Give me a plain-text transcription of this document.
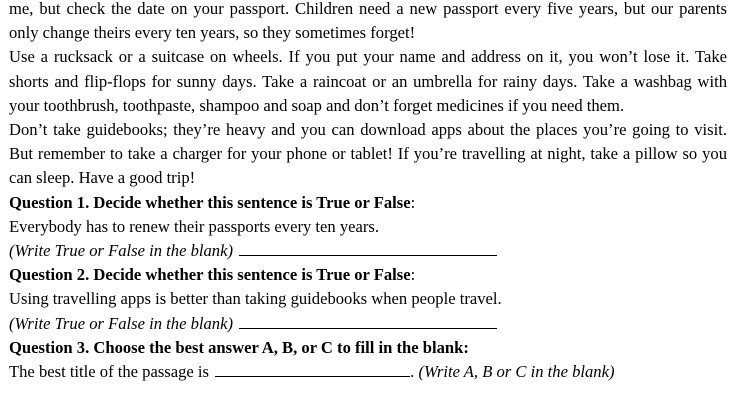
me, but check the date on your passport. Children need a new passport every five years, but our parents only change theirs every ten years, so they sometimes forget!

Use a rucksack or a suitcase on wheels. If you put your name and address on it, you won’t lose it. Take shorts and flip-flops for sunny days. Take a raincoat or an umbrella for rainy days. Take a washbag with your toothbrush, toothpaste, shampoo and soap and don’t forget medicines if you need them.

Don’t take guidebooks; they’re heavy and you can download apps about the places you’re going to visit. But remember to take a charger for your phone or tablet! If you’re travelling at night, take a pillow so you can sleep. Have a good trip!

Question 1. Decide whether this sentence is True or False:

Everybody has to renew their passports every ten years.

(Write True or False in the blank)

Question 2. Decide whether this sentence is True or False:

Using travelling apps is better than taking guidebooks when people travel.

(Write True or False in the blank)

Question 3. Choose the best answer A, B, or C to fill in the blank:

The best title of the passage is	. (Write A, B or C in the blank)
